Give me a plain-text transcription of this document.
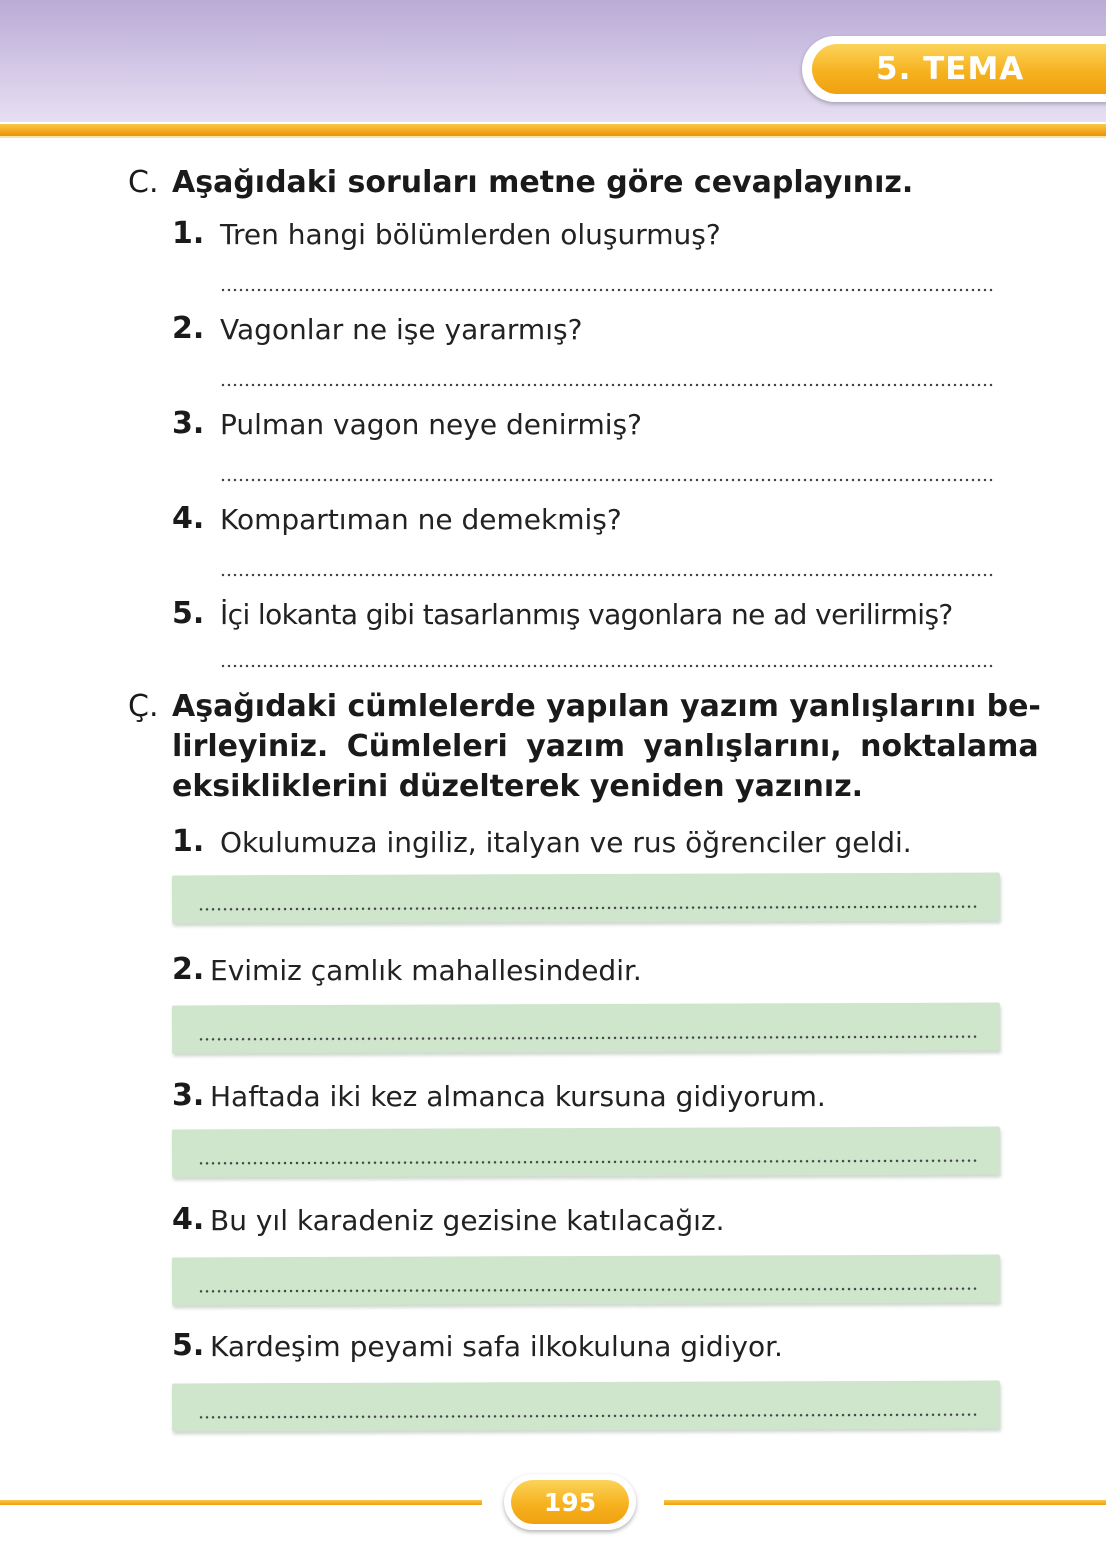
5. TEMA
C. Aşağıdaki soruları metne göre cevaplayınız.
1. Tren hangi bölümlerden oluşurmuş?
2. Vagonlar ne işe yararmış?
3. Pulman vagon neye denirmiş?
4. Kompartıman ne demekmiş?
5. İçi lokanta gibi tasarlanmış vagonlara ne ad verilirmiş?
Ç. Aşağıdaki cümlelerde yapılan yazım yanlışlarını be-
lirleyiniz. Cümleleri yazım yanlışlarını, noktalama
eksikliklerini düzelterek yeniden yazınız.
1. Okulumuza ingiliz, italyan ve rus öğrenciler geldi.
2. Evimiz çamlık mahallesindedir.
3. Haftada iki kez almanca kursuna gidiyorum.
4. Bu yıl karadeniz gezisine katılacağız.
5. Kardeşim peyami safa ilkokuluna gidiyor.
195
